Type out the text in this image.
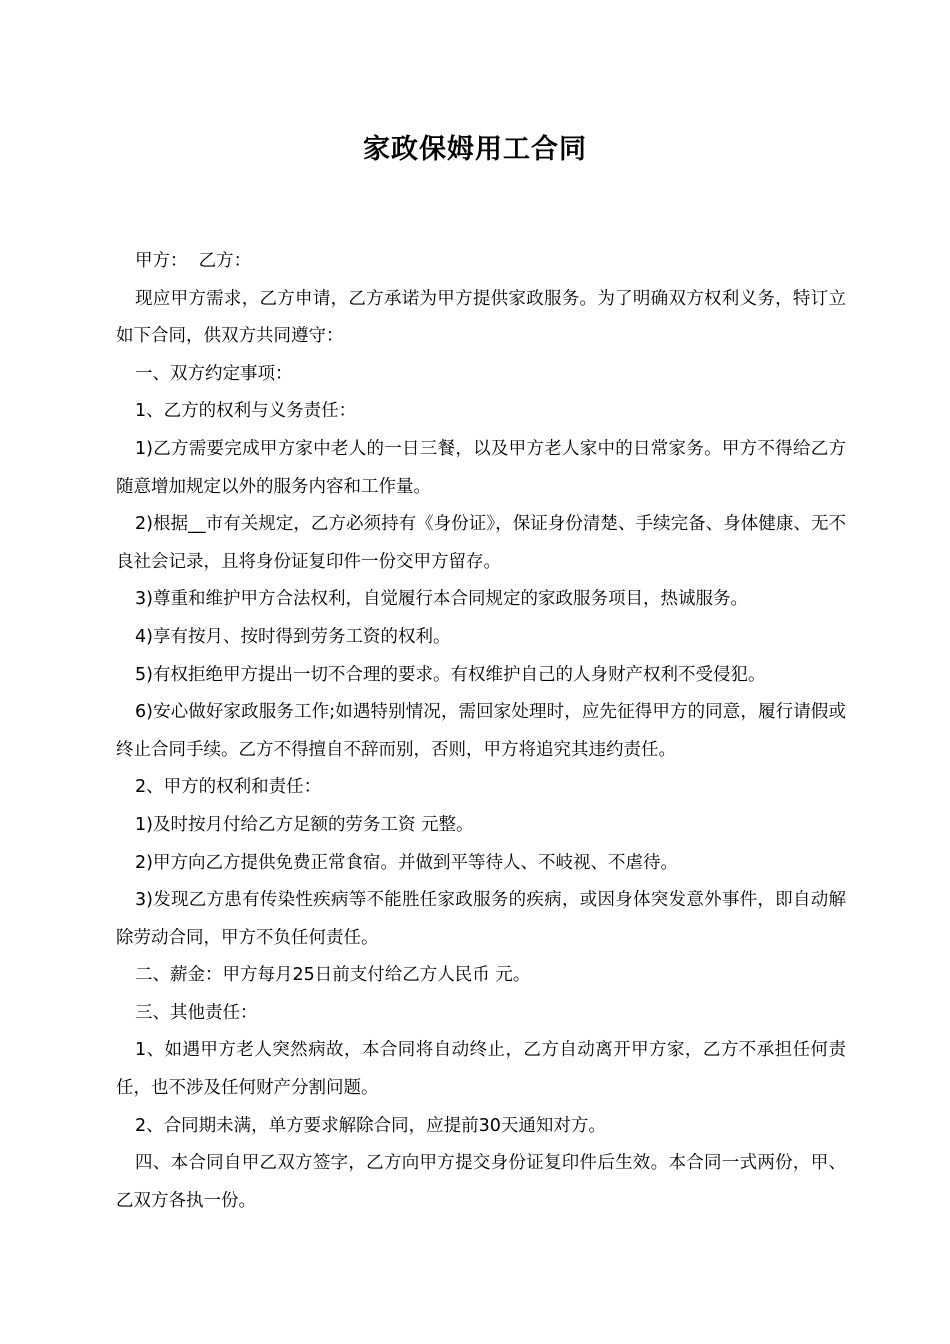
家政保姆用工合同

甲方：  乙方：

现应甲方需求，乙方申请，乙方承诺为甲方提供家政服务。为了明确双方权利义务，特订立如下合同，供双方共同遵守：

一、双方约定事项：

1、乙方的权利与义务责任：

1)乙方需要完成甲方家中老人的一日三餐，以及甲方老人家中的日常家务。甲方不得给乙方随意增加规定以外的服务内容和工作量。

2)根据__市有关规定，乙方必须持有《身份证》，保证身份清楚、手续完备、身体健康、无不良社会记录，且将身份证复印件一份交甲方留存。

3)尊重和维护甲方合法权利，自觉履行本合同规定的家政服务项目，热诚服务。

4)享有按月、按时得到劳务工资的权利。

5)有权拒绝甲方提出一切不合理的要求。有权维护自己的人身财产权利不受侵犯。

6)安心做好家政服务工作;如遇特别情况，需回家处理时，应先征得甲方的同意，履行请假或终止合同手续。乙方不得擅自不辞而别，否则，甲方将追究其违约责任。

2、甲方的权利和责任：

1)及时按月付给乙方足额的劳务工资 元整。

2)甲方向乙方提供免费正常食宿。并做到平等待人、不岐视、不虐待。

3)发现乙方患有传染性疾病等不能胜任家政服务的疾病，或因身体突发意外事件，即自动解除劳动合同，甲方不负任何责任。

二、薪金：甲方每月25日前支付给乙方人民币 元。

三、其他责任：

1、如遇甲方老人突然病故，本合同将自动终止，乙方自动离开甲方家，乙方不承担任何责任，也不涉及任何财产分割问题。

2、合同期未满，单方要求解除合同，应提前30天通知对方。

四、本合同自甲乙双方签字，乙方向甲方提交身份证复印件后生效。本合同一式两份，甲、乙双方各执一份。
